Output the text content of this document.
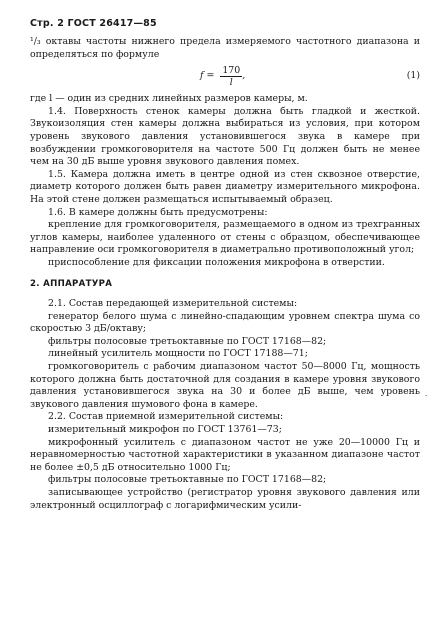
Стр. 2 ГОСТ 26417—85

¹/₃ октавы частоты нижнего предела измеряемого частотного диапазона и определяться по формуле

$f = \frac{170}{l}$ ,	(1)

где l — один из средних линейных размеров камеры, м.

1.4. Поверхность стенок камеры должна быть гладкой и жесткой. Звукоизоляция стен камеры должна выбираться из условия, при котором уровень звукового давления установившегося звука в камере при возбуждении громкоговорителя на частоте 500 Гц должен быть не менее чем на 30 дБ выше уровня звукового давления помех.

1.5. Камера должна иметь в центре одной из стен сквозное отверстие, диаметр которого должен быть равен диаметру измерительного микрофона. На этой стене должен размещаться испытываемый образец.

1.6. В камере должны быть предусмотрены:

крепление для громкоговорителя, размещаемого в одном из трехгранных углов камеры, наиболее удаленного от стены с образцом, обеспечивающее направление оси громкоговорителя в диаметрально противоположный угол;

приспособление для фиксации положения микрофона в отверстии.

2. АППАРАТУРА

2.1. Состав передающей измерительной системы:

генератор белого шума с линейно-спадающим уровнем спектра шума со скоростью 3 дБ/октаву;

фильтры полосовые третьоктавные по ГОСТ 17168—82;

линейный усилитель мощности по ГОСТ 17188—71;

громкоговоритель с рабочим диапазоном частот 50—8000 Гц, мощность которого должна быть достаточной для создания в камере уровня звукового давления установившегося звука на 30 и более дБ выше, чем уровень звукового давления шумового фона в камере.

2.2. Состав приемной измерительной системы:

измерительный микрофон по ГОСТ 13761—73;

микрофонный усилитель с диапазоном частот не уже 20—10000 Гц и неравномерностью частотной характеристики в указанном диапазоне частот не более ±0,5 дБ относительно 1000 Гц;

фильтры полосовые третьоктавные по ГОСТ 17168—82;

записывающее устройство (регистратор уровня звукового давления или электронный осциллограф с логарифмическим усили-

·
